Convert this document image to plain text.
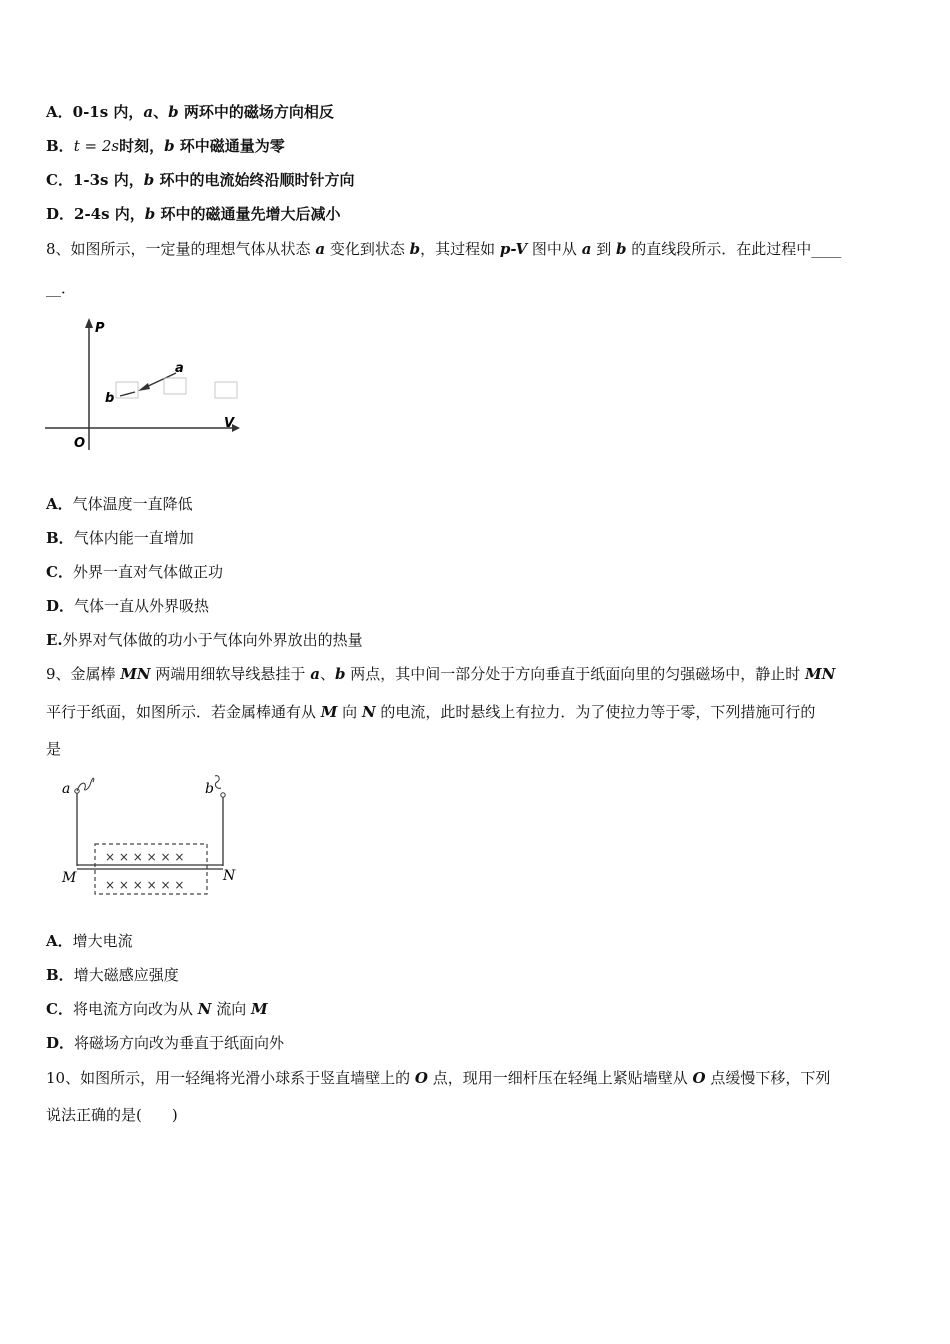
A．0-1s 内，a、b 两环中的磁场方向相反
B．t = 2s时刻，b 环中磁通量为零
C．1-3s 内，b 环中的电流始终沿顺时针方向
D．2-4s 内，b 环中的磁通量先增大后减小
8、如图所示，一定量的理想气体从状态 a 变化到状态 b，其过程如 p-V 图中从 a 到 b 的直线段所示．在此过程中____
__．
P
V
O
a
b
A．气体温度一直降低
B．气体内能一直增加
C．外界一直对气体做正功
D．气体一直从外界吸热
E.外界对气体做的功小于气体向外界放出的热量
9、金属棒 MN 两端用细软导线悬挂于 a、b 两点，其中间一部分处于方向垂直于纸面向里的匀强磁场中，静止时 MN
平行于纸面，如图所示．若金属棒通有从 M 向 N 的电流，此时悬线上有拉力．为了使拉力等于零，下列措施可行的
是
a	b
× × × × × ×
× × × × × ×
M	N
A．增大电流
B．增大磁感应强度
C．将电流方向改为从 N 流向 M
D．将磁场方向改为垂直于纸面向外
10、如图所示，用一轻绳将光滑小球系于竖直墙壁上的 O 点，现用一细杆压在轻绳上紧贴墙壁从 O 点缓慢下移，下列
说法正确的是(　　)
